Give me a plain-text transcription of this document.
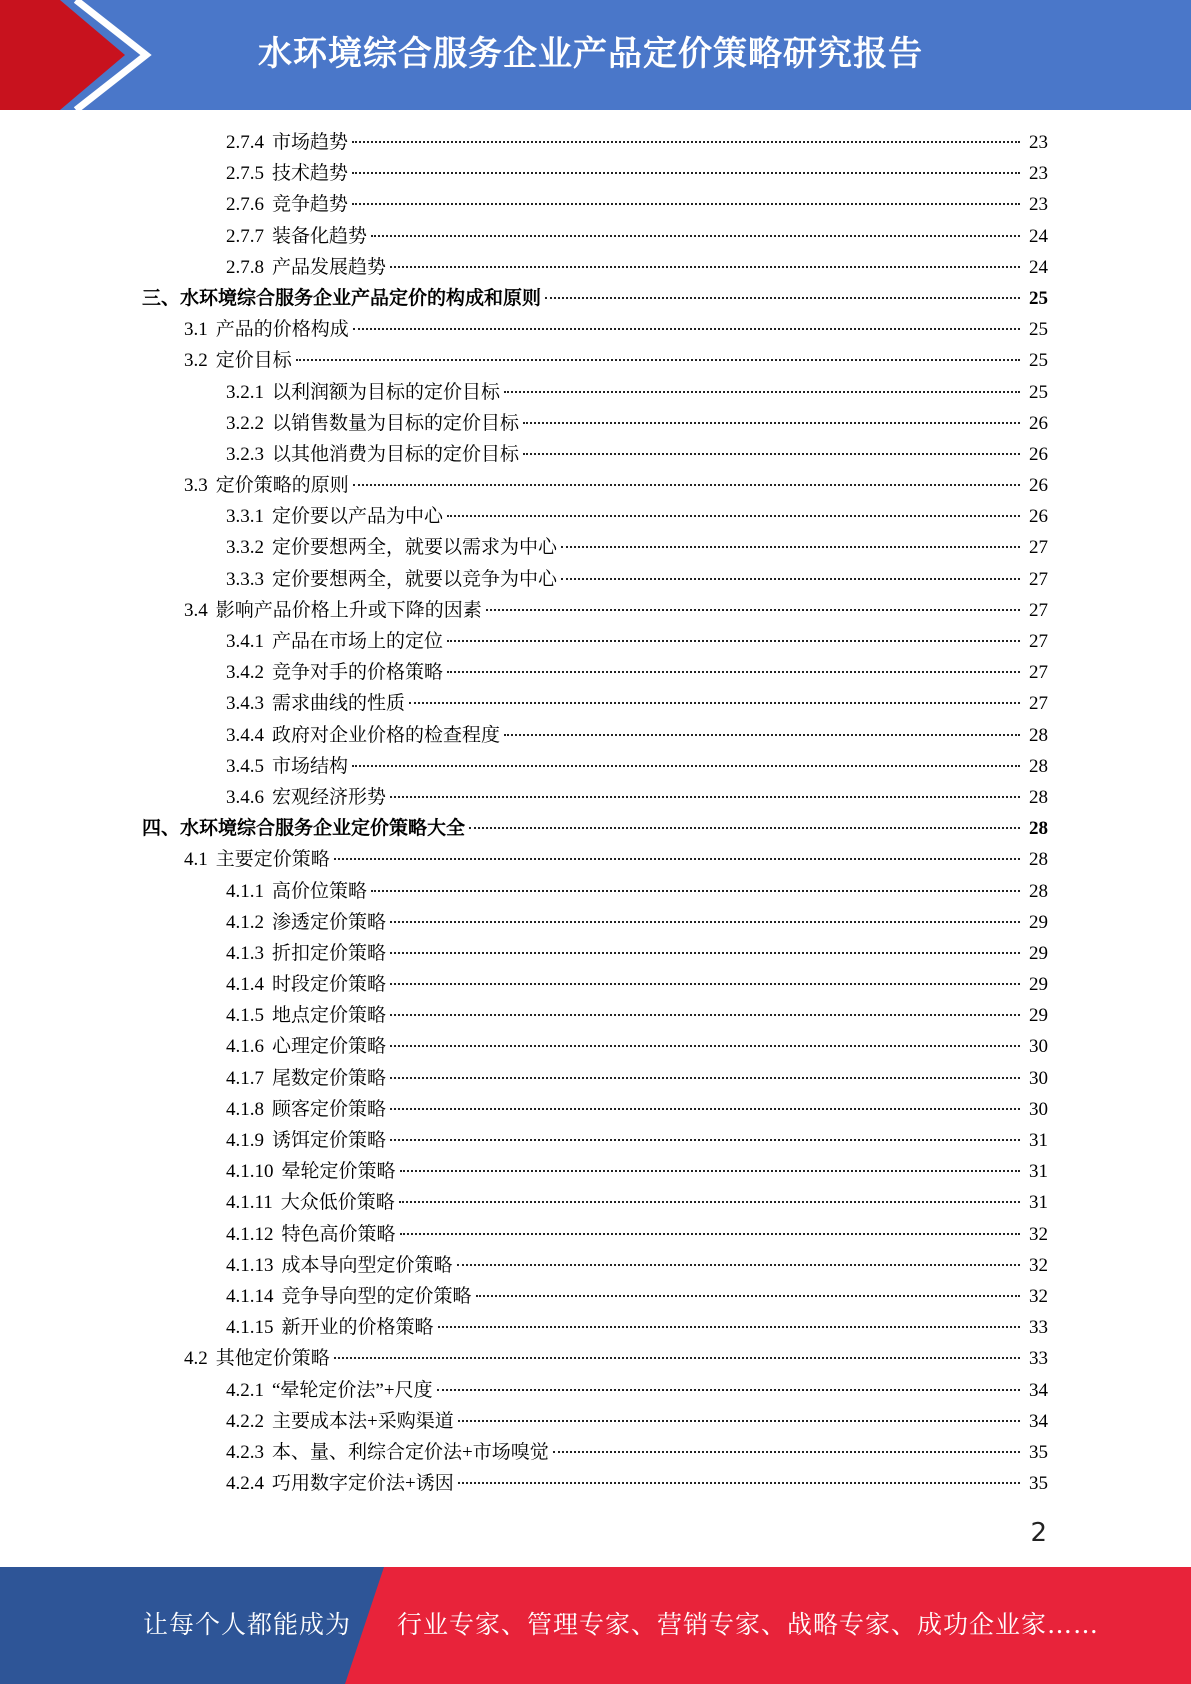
水环境综合服务企业产品定价策略研究报告
2.7.4 市场趋势	23
2.7.5 技术趋势	23
2.7.6 竞争趋势	23
2.7.7 装备化趋势	24
2.7.8 产品发展趋势	24
三、水环境综合服务企业产品定价的构成和原则	25
3.1 产品的价格构成	25
3.2 定价目标	25
3.2.1 以利润额为目标的定价目标	25
3.2.2 以销售数量为目标的定价目标	26
3.2.3 以其他消费为目标的定价目标	26
3.3 定价策略的原则	26
3.3.1 定价要以产品为中心	26
3.3.2 定价要想两全，就要以需求为中心	27
3.3.3 定价要想两全，就要以竞争为中心	27
3.4 影响产品价格上升或下降的因素	27
3.4.1 产品在市场上的定位	27
3.4.2 竞争对手的价格策略	27
3.4.3 需求曲线的性质	27
3.4.4 政府对企业价格的检查程度	28
3.4.5 市场结构	28
3.4.6 宏观经济形势	28
四、水环境综合服务企业定价策略大全	28
4.1 主要定价策略	28
4.1.1 高价位策略	28
4.1.2 渗透定价策略	29
4.1.3 折扣定价策略	29
4.1.4 时段定价策略	29
4.1.5 地点定价策略	29
4.1.6 心理定价策略	30
4.1.7 尾数定价策略	30
4.1.8 顾客定价策略	30
4.1.9 诱饵定价策略	31
4.1.10 晕轮定价策略	31
4.1.11 大众低价策略	31
4.1.12 特色高价策略	32
4.1.13 成本导向型定价策略	32
4.1.14 竞争导向型的定价策略	32
4.1.15 新开业的价格策略	33
4.2 其他定价策略	33
4.2.1 “晕轮定价法”+尺度	34
4.2.2 主要成本法+采购渠道	34
4.2.3 本、量、利综合定价法+市场嗅觉	35
4.2.4 巧用数字定价法+诱因	35
2
让每个人都能成为 行业专家、管理专家、营销专家、战略专家、成功企业家……
